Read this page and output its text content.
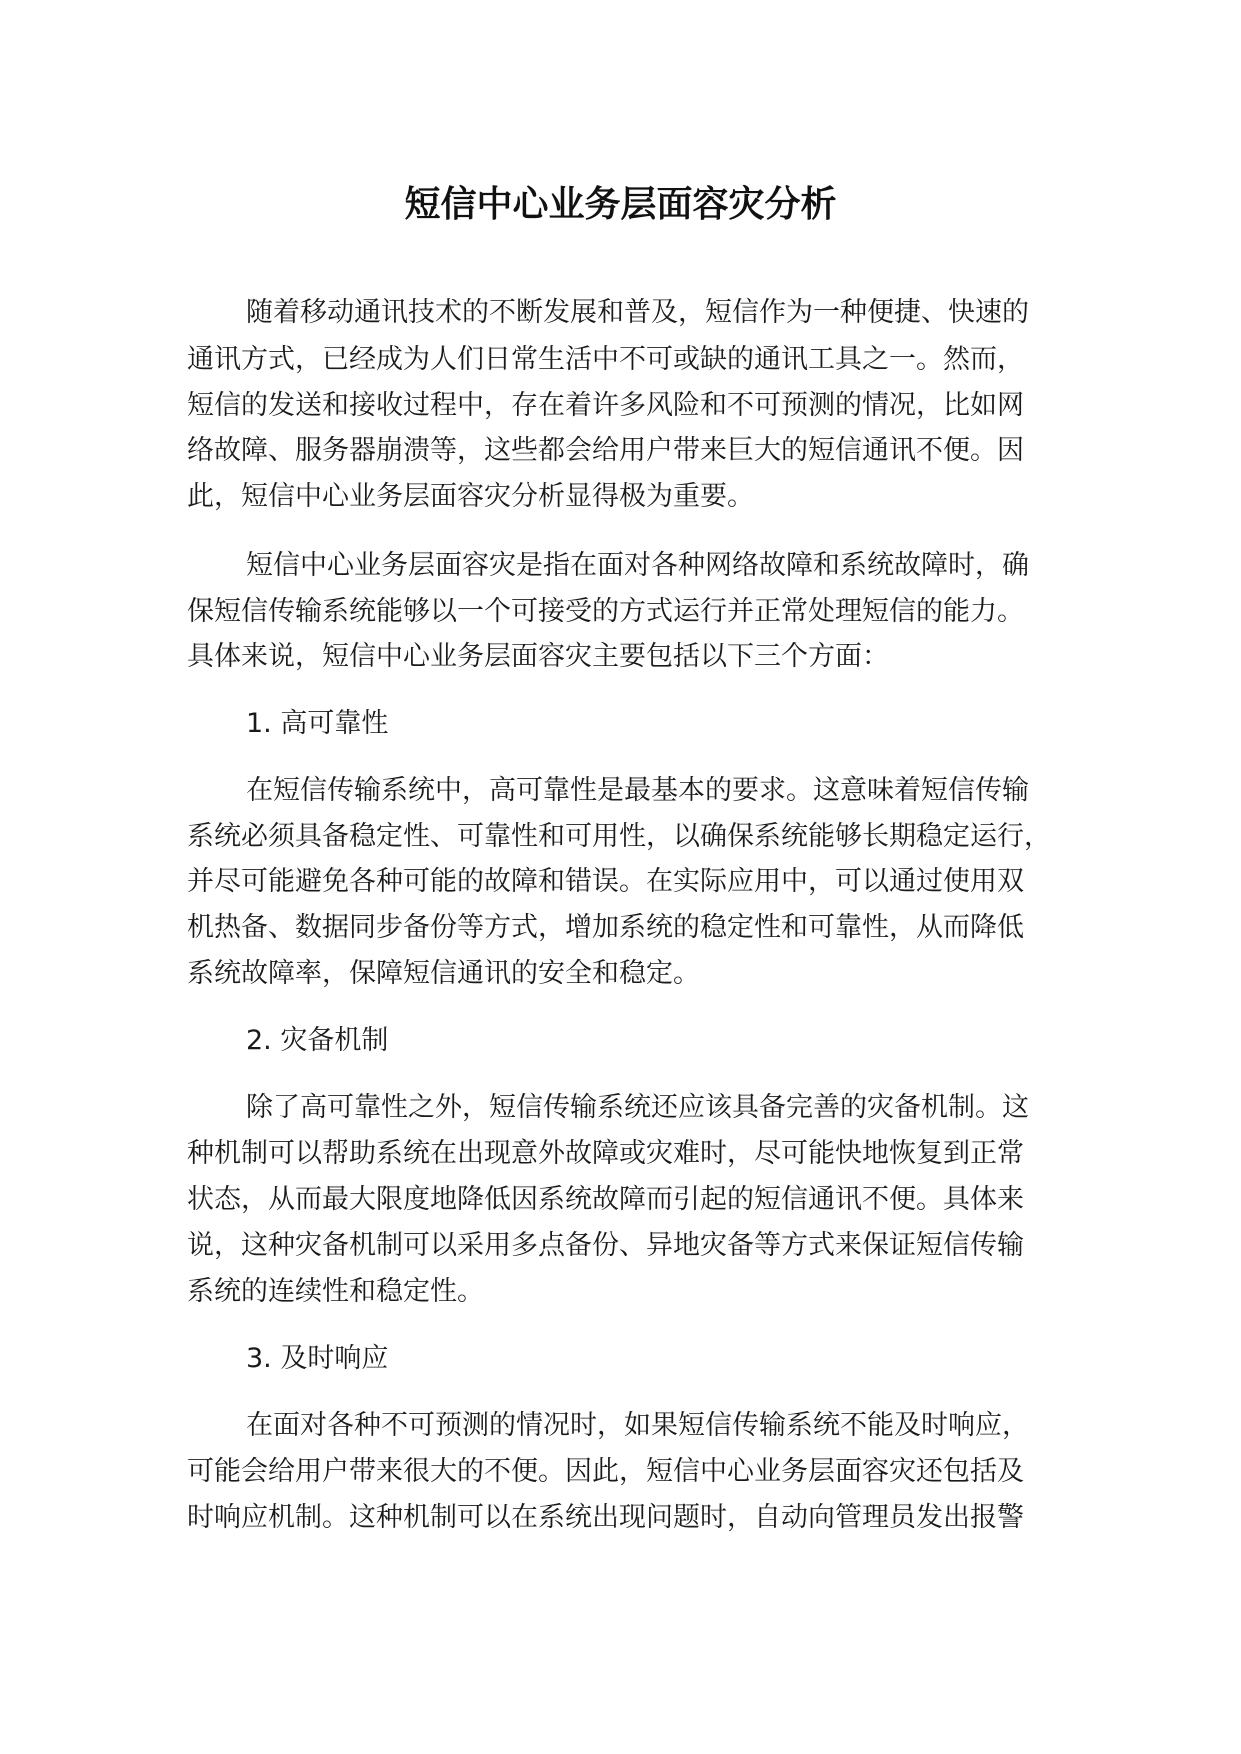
短信中心业务层面容灾分析
随着移动通讯技术的不断发展和普及，短信作为一种便捷、快速的
通讯方式，已经成为人们日常生活中不可或缺的通讯工具之一。然而，
短信的发送和接收过程中，存在着许多风险和不可预测的情况，比如网
络故障、服务器崩溃等，这些都会给用户带来巨大的短信通讯不便。因
此，短信中心业务层面容灾分析显得极为重要。
短信中心业务层面容灾是指在面对各种网络故障和系统故障时，确
保短信传输系统能够以一个可接受的方式运行并正常处理短信的能力。
具体来说，短信中心业务层面容灾主要包括以下三个方面：
1. 高可靠性
在短信传输系统中，高可靠性是最基本的要求。这意味着短信传输
系统必须具备稳定性、可靠性和可用性，以确保系统能够长期稳定运行，
并尽可能避免各种可能的故障和错误。在实际应用中，可以通过使用双
机热备、数据同步备份等方式，增加系统的稳定性和可靠性，从而降低
系统故障率，保障短信通讯的安全和稳定。
2. 灾备机制
除了高可靠性之外，短信传输系统还应该具备完善的灾备机制。这
种机制可以帮助系统在出现意外故障或灾难时，尽可能快地恢复到正常
状态，从而最大限度地降低因系统故障而引起的短信通讯不便。具体来
说，这种灾备机制可以采用多点备份、异地灾备等方式来保证短信传输
系统的连续性和稳定性。
3. 及时响应
在面对各种不可预测的情况时，如果短信传输系统不能及时响应，
可能会给用户带来很大的不便。因此，短信中心业务层面容灾还包括及
时响应机制。这种机制可以在系统出现问题时，自动向管理员发出报警
